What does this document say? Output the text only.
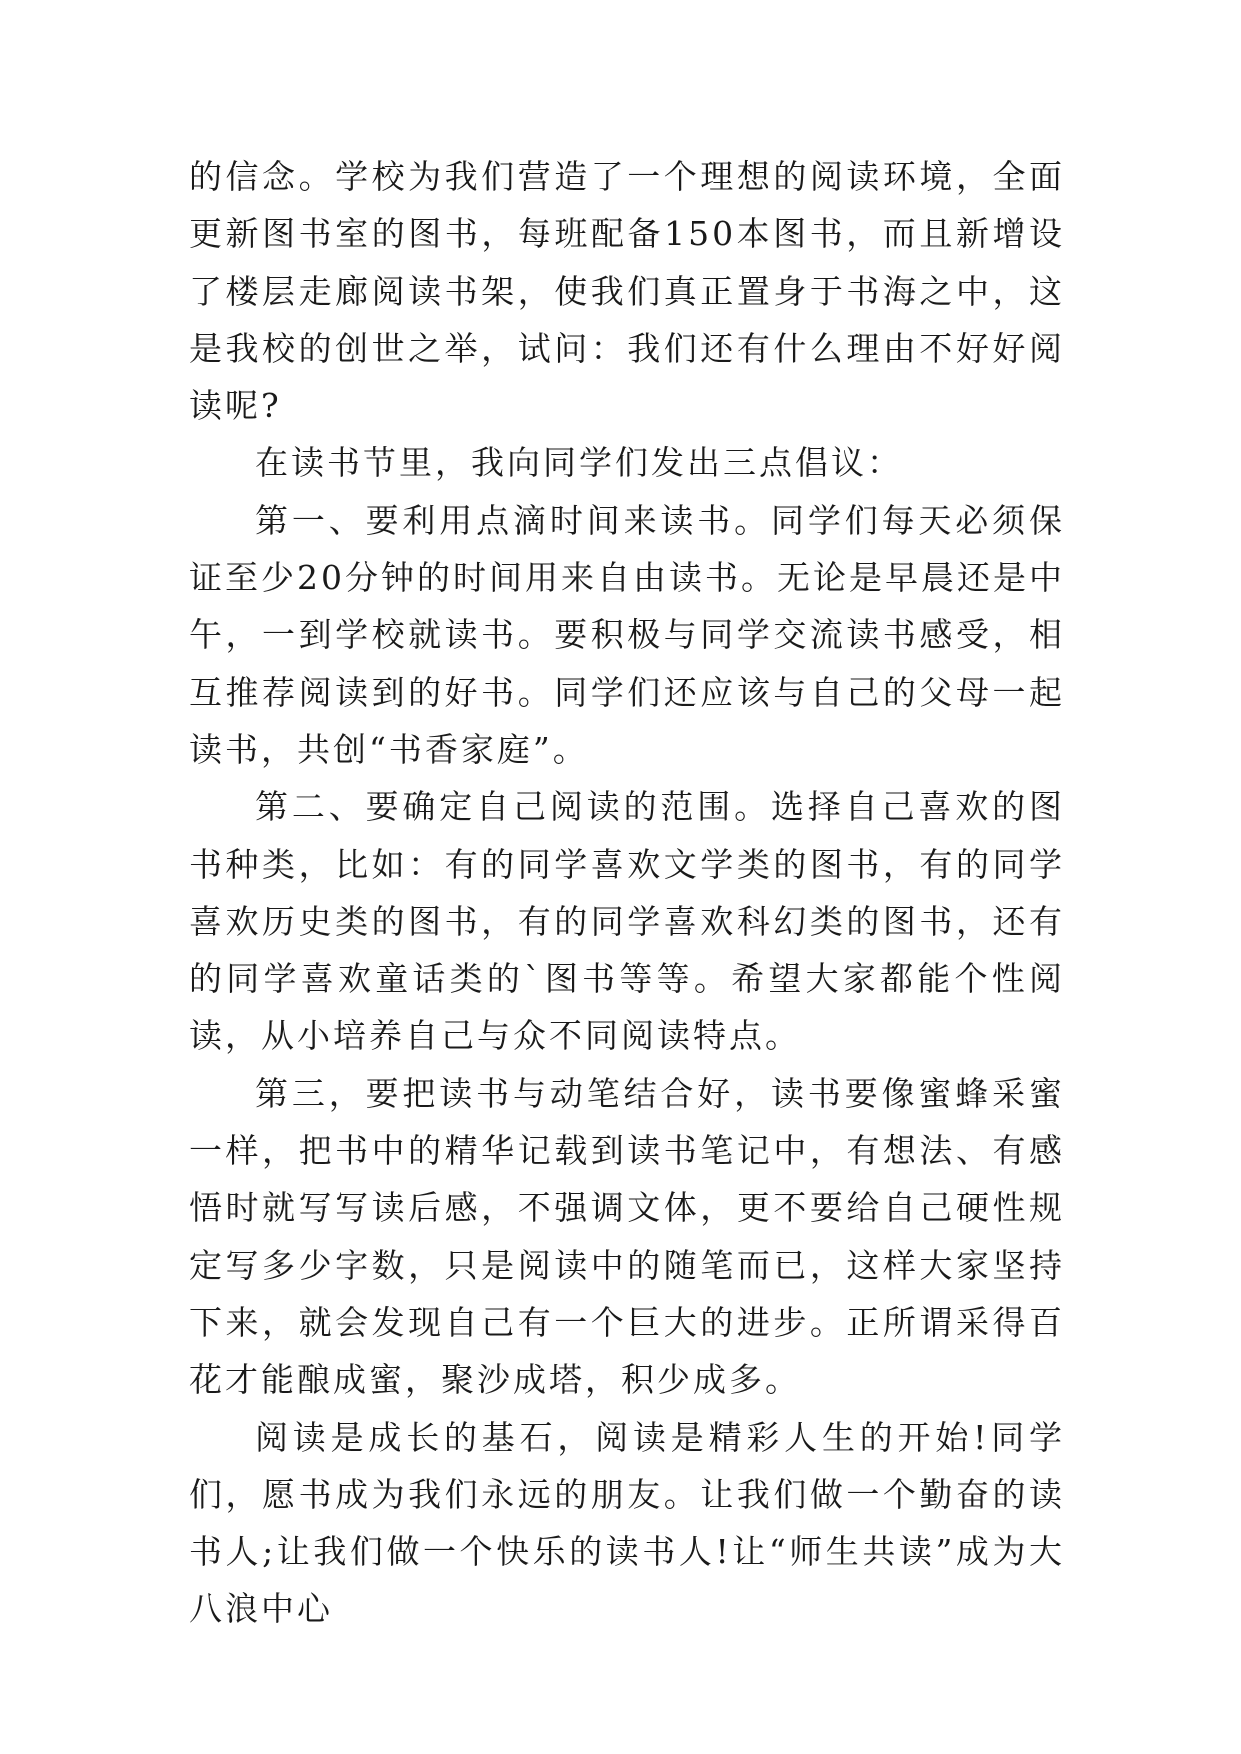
的信念。学校为我们营造了一个理想的阅读环境，全面更新图书室的图书，每班配备150本图书，而且新增设了楼层走廊阅读书架，使我们真正置身于书海之中，这是我校的创世之举，试问：我们还有什么理由不好好阅读呢?

在读书节里，我向同学们发出三点倡议：

第一、要利用点滴时间来读书。同学们每天必须保证至少20分钟的时间用来自由读书。无论是早晨还是中午，一到学校就读书。要积极与同学交流读书感受，相互推荐阅读到的好书。同学们还应该与自己的父母一起读书，共创“书香家庭”。

第二、要确定自己阅读的范围。选择自己喜欢的图书种类，比如：有的同学喜欢文学类的图书，有的同学喜欢历史类的图书，有的同学喜欢科幻类的图书，还有的同学喜欢童话类的`图书等等。希望大家都能个性阅读，从小培养自己与众不同阅读特点。

第三，要把读书与动笔结合好，读书要像蜜蜂采蜜一样，把书中的精华记载到读书笔记中，有想法、有感悟时就写写读后感，不强调文体，更不要给自己硬性规定写多少字数，只是阅读中的随笔而已，这样大家坚持下来，就会发现自己有一个巨大的进步。正所谓采得百花才能酿成蜜，聚沙成塔，积少成多。

阅读是成长的基石，阅读是精彩人生的开始!同学们，愿书成为我们永远的朋友。让我们做一个勤奋的读书人;让我们做一个快乐的读书人!让“师生共读”成为大八浪中心
